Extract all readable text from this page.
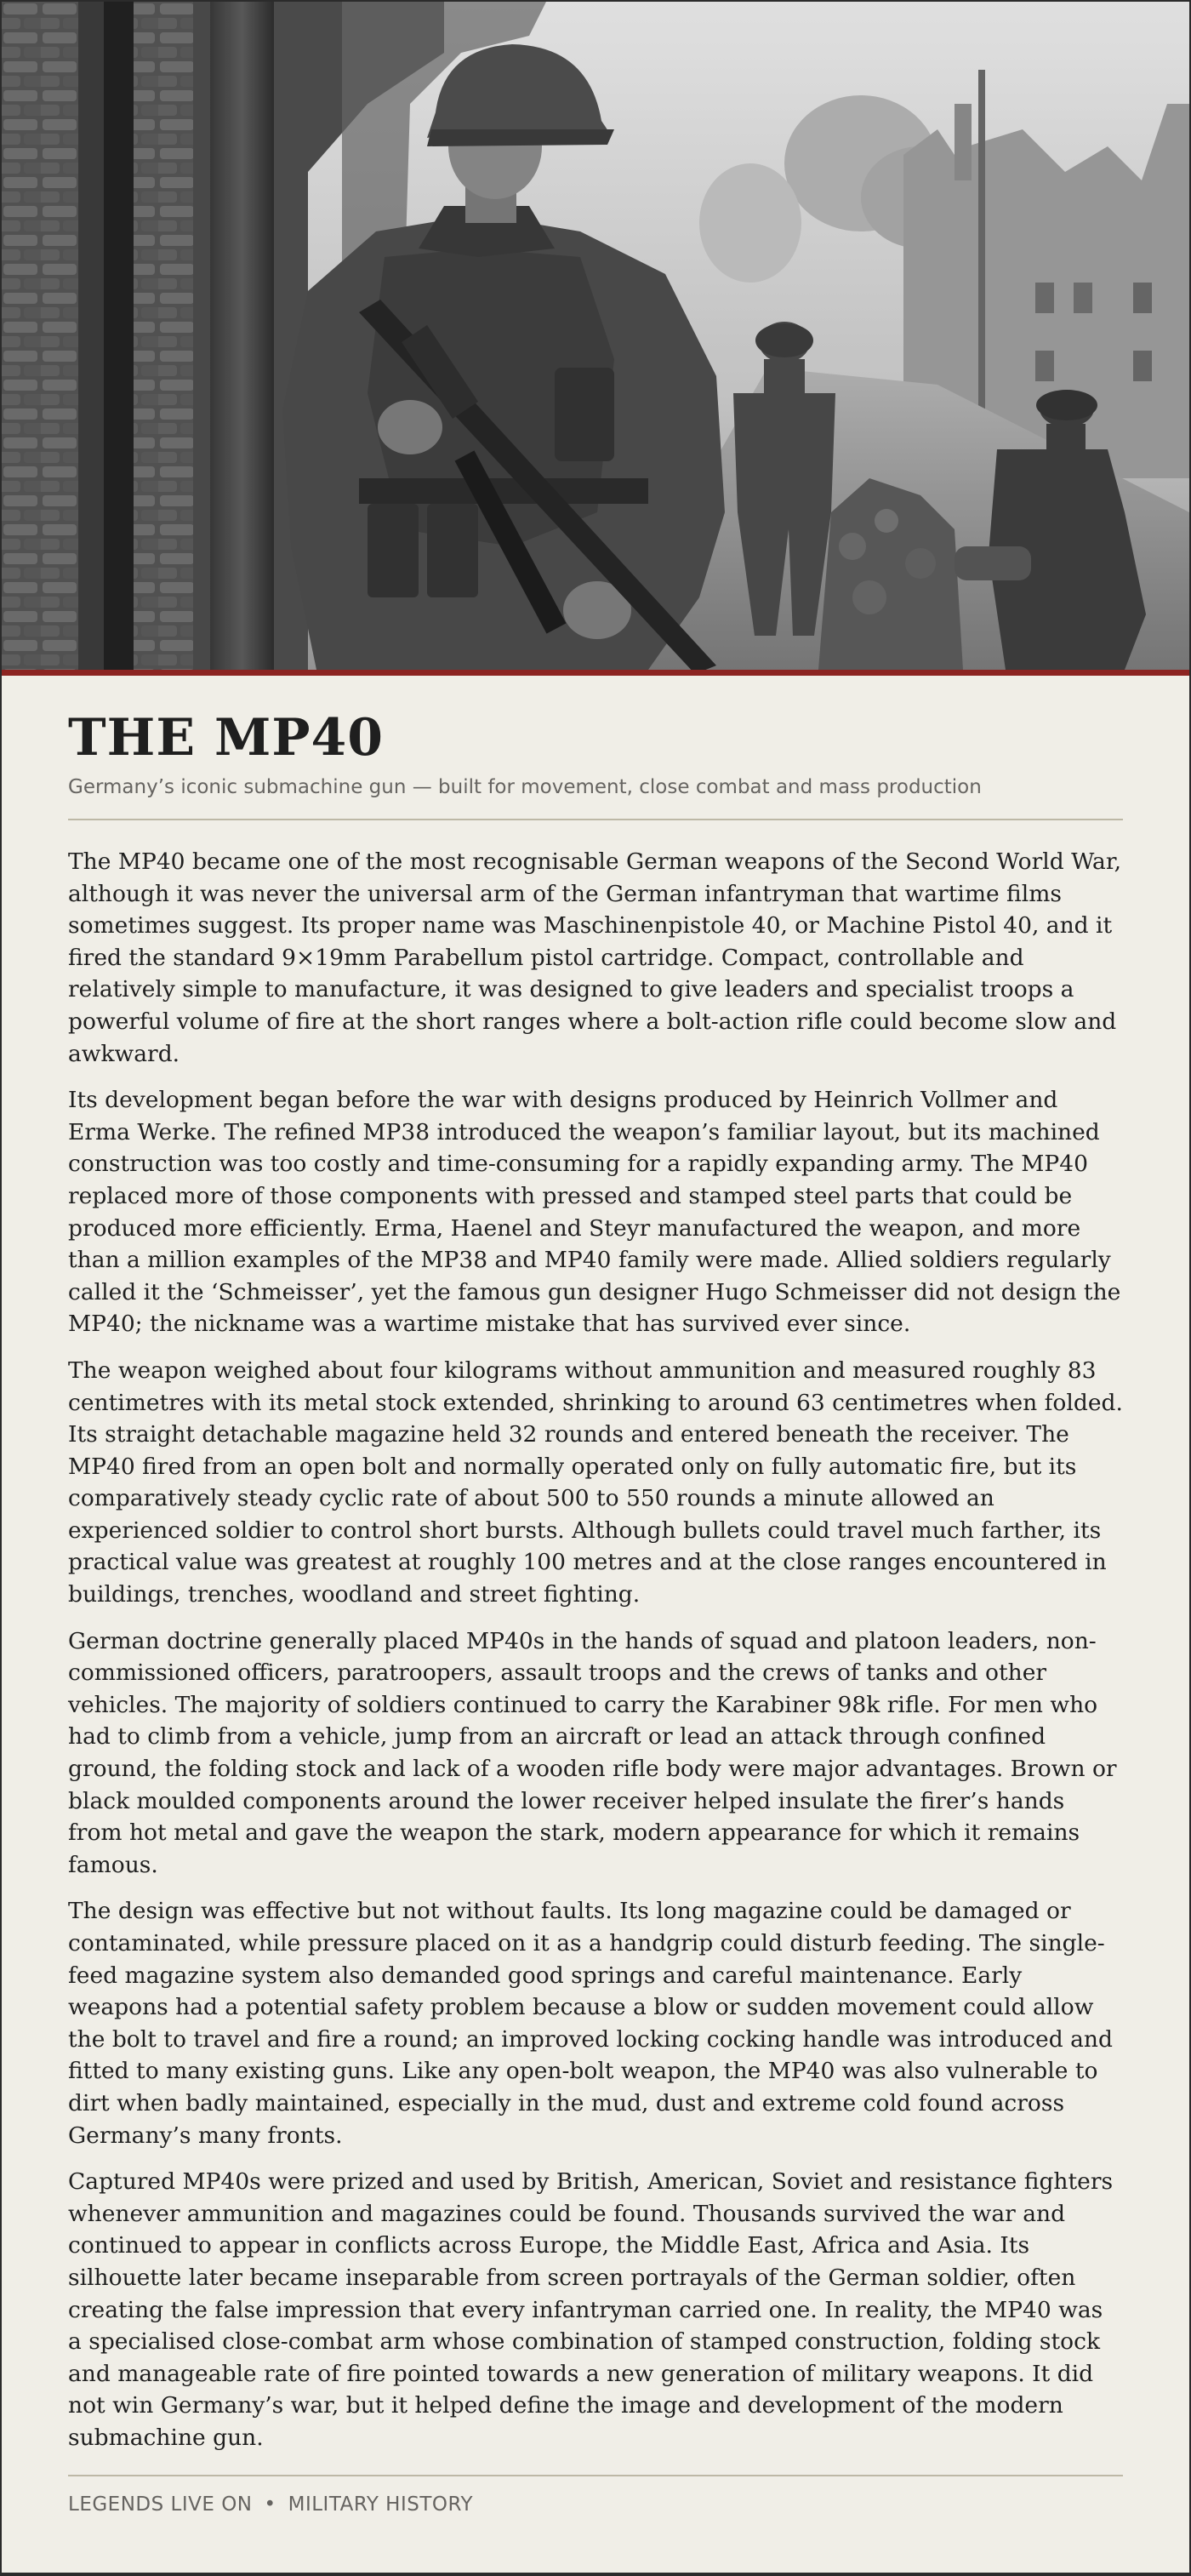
THE MP40
Germany’s iconic submachine gun — built for movement, close combat and mass production

The MP40 became one of the most recognisable German weapons of the Second World War, although it was never the universal arm of the German infantryman that wartime films sometimes suggest. Its proper name was Maschinenpistole 40, or Machine Pistol 40, and it fired the standard 9×19mm Parabellum pistol cartridge. Compact, controllable and relatively simple to manufacture, it was designed to give leaders and specialist troops a powerful volume of fire at the short ranges where a bolt-action rifle could become slow and awkward.

Its development began before the war with designs produced by Heinrich Vollmer and Erma Werke. The refined MP38 introduced the weapon’s familiar layout, but its machined construction was too costly and time-consuming for a rapidly expanding army. The MP40 replaced more of those components with pressed and stamped steel parts that could be produced more efficiently. Erma, Haenel and Steyr manufactured the weapon, and more than a million examples of the MP38 and MP40 family were made. Allied soldiers regularly called it the ‘Schmeisser’, yet the famous gun designer Hugo Schmeisser did not design the MP40; the nickname was a wartime mistake that has survived ever since.

The weapon weighed about four kilograms without ammunition and measured roughly 83 centimetres with its metal stock extended, shrinking to around 63 centimetres when folded. Its straight detachable magazine held 32 rounds and entered beneath the receiver. The MP40 fired from an open bolt and normally operated only on fully automatic fire, but its comparatively steady cyclic rate of about 500 to 550 rounds a minute allowed an experienced soldier to control short bursts. Although bullets could travel much farther, its practical value was greatest at roughly 100 metres and at the close ranges encountered in buildings, trenches, woodland and street fighting.

German doctrine generally placed MP40s in the hands of squad and platoon leaders, non-commissioned officers, paratroopers, assault troops and the crews of tanks and other vehicles. The majority of soldiers continued to carry the Karabiner 98k rifle. For men who had to climb from a vehicle, jump from an aircraft or lead an attack through confined ground, the folding stock and lack of a wooden rifle body were major advantages. Brown or black moulded components around the lower receiver helped insulate the firer’s hands from hot metal and gave the weapon the stark, modern appearance for which it remains famous.

The design was effective but not without faults. Its long magazine could be damaged or contaminated, while pressure placed on it as a handgrip could disturb feeding. The single-feed magazine system also demanded good springs and careful maintenance. Early weapons had a potential safety problem because a blow or sudden movement could allow the bolt to travel and fire a round; an improved locking cocking handle was introduced and fitted to many existing guns. Like any open-bolt weapon, the MP40 was also vulnerable to dirt when badly maintained, especially in the mud, dust and extreme cold found across Germany’s many fronts.

Captured MP40s were prized and used by British, American, Soviet and resistance fighters whenever ammunition and magazines could be found. Thousands survived the war and continued to appear in conflicts across Europe, the Middle East, Africa and Asia. Its silhouette later became inseparable from screen portrayals of the German soldier, often creating the false impression that every infantryman carried one. In reality, the MP40 was a specialised close-combat arm whose combination of stamped construction, folding stock and manageable rate of fire pointed towards a new generation of military weapons. It did not win Germany’s war, but it helped define the image and development of the modern submachine gun.

LEGENDS LIVE ON • MILITARY HISTORY
